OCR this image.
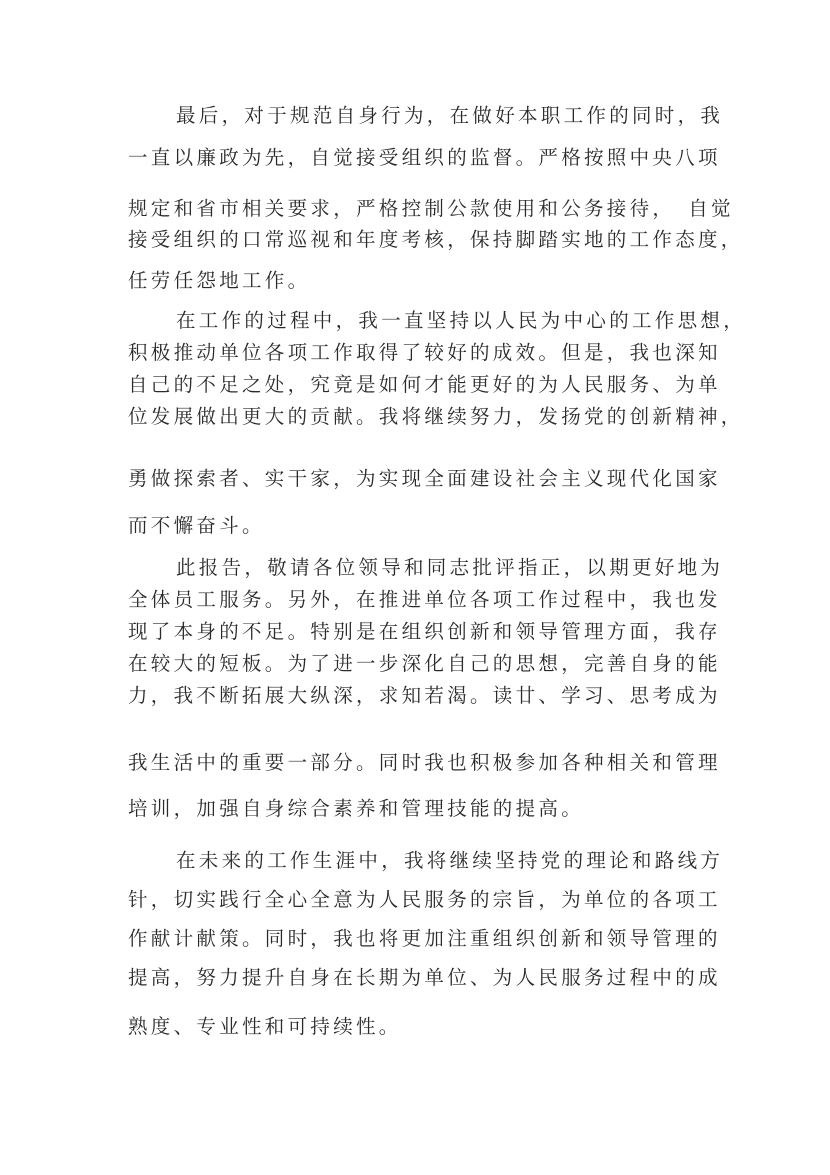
最后，对于规范自身行为，在做好本职工作的同时，我
一直以廉政为先，自觉接受组织的监督。严格按照中央八项
规定和省市相关要求，严格控制公款使用和公务接待，　自觉
接受组织的口常巡视和年度考核，保持脚踏实地的工作态度，
任劳任怨地工作。
在工作的过程中，我一直坚持以人民为中心的工作思想，
积极推动单位各项工作取得了较好的成效。但是，我也深知
自己的不足之处，究竟是如何才能更好的为人民服务、为单
位发展做出更大的贡献。我将继续努力，发扬党的创新精神，
勇做探索者、实干家，为实现全面建设社会主义现代化国家
而不懈奋斗。
此报告，敬请各位领导和同志批评指正，以期更好地为
全体员工服务。另外，在推进单位各项工作过程中，我也发
现了本身的不足。特别是在组织创新和领导管理方面，我存
在较大的短板。为了进一步深化自己的思想，完善自身的能
力，我不断拓展大纵深，求知若渴。读廿、学习、思考成为
我生活中的重要一部分。同时我也积极参加各种相关和管理
培训，加强自身综合素养和管理技能的提高。
在未来的工作生涯中，我将继续坚持党的理论和路线方
针，切实践行全心全意为人民服务的宗旨，为单位的各项工
作献计献策。同时，我也将更加注重组织创新和领导管理的
提高，努力提升自身在长期为单位、为人民服务过程中的成
熟度、专业性和可持续性。
